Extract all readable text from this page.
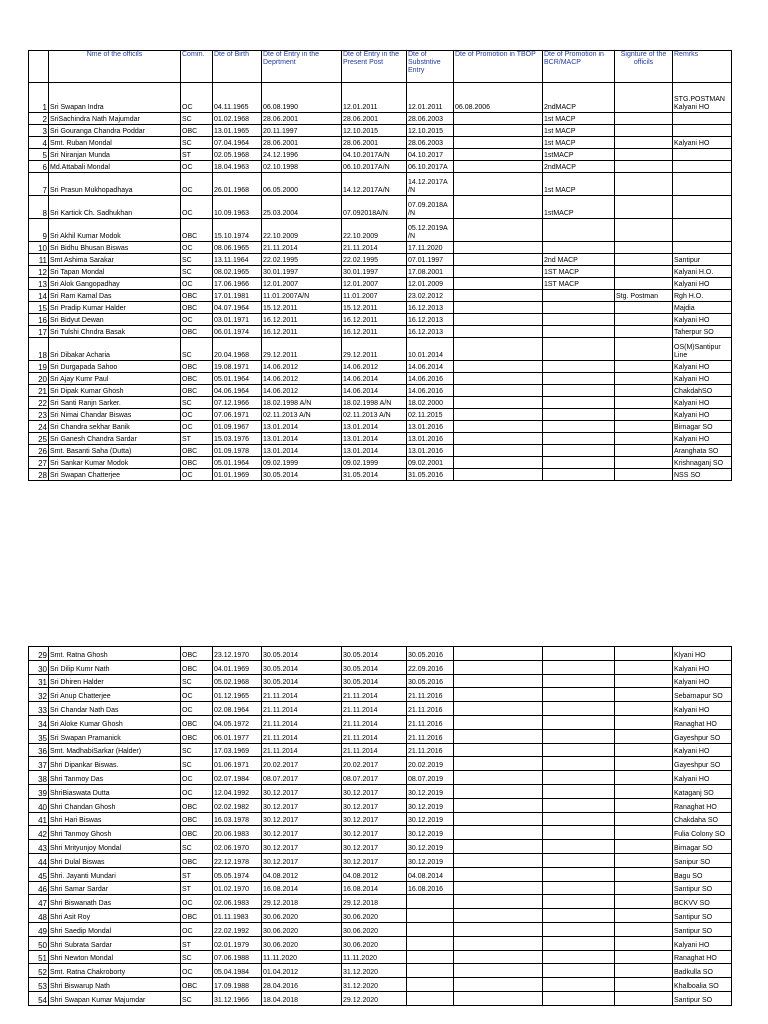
	Nme of the officils	Comm.	Dte of Birth	Dte of Entry in the Deprtment	Dte of Entry in the Present Post	Dte of Substntive Entry	Dte of Promotion in TBOP	Dte of Promotion in BCR/MACP	Signture of the officils	Remrks
1	Sri Swapan Indra	OC	04.11.1965	06.08.1990	12.01.2011	12.01.2011	06.08.2006	2ndMACP		STG.POSTMAN Kalyani HO
2	SriSachindra Nath Majumdar	SC	01.02.1968	28.06.2001	28.06.2001	28.06.2003		1st MACP		
3	Sri Gouranga Chandra Poddar	OBC	13.01.1965	20.11.1997	12.10.2015	12.10.2015		1st MACP		
4	Smt. Ruban Mondal	SC	07.04.1964	28.06.2001	28.06.2001	28.06.2003		1st MACP		Kalyani HO
5	Sri Niranjan Munda	ST	02.05.1968	24.12.1996	04.10.2017A/N	04.10.2017		1stMACP		
6	Md.Attabali Mondal	OC	18.04.1963	02.10.1998	06.10.2017A/N	06.10.2017A		2ndMACP		
7	Sri Prasun Mukhopadhaya	OC	26.01.1968	06.05.2000	14.12.2017A/N	14.12.2017A /N		1st MACP		
8	Sri Kartick Ch. Sadhukhan	OC	10.09.1963	25.03.2004	07.092018A/N	07.09.2018A /N		1stMACP		
9	Sri Akhil Kumar Modok	OBC	15.10.1974	22.10.2009	22.10.2009	05.12.2019A /N				
10	Sri Bidhu Bhusan Biswas	OC	08.06.1965	21.11.2014	21.11.2014	17.11.2020				
11	Smt Ashima Sarakar	SC	13.11.1964	22.02.1995	22.02.1995	07.01.1997		2nd MACP		Santipur
12	Sri Tapan Mondal	SC	08.02.1965	30.01.1997	30.01.1997	17.08.2001		1ST MACP		Kalyani H.O.
13	Sri Alok Gangopadhay	OC	17.06.1966	12.01.2007	12.01.2007	12.01.2009		1ST MACP		Kalyani HO
14	Sri Ram Kamal Das	OBC	17.01.1981	11.01.2007A/N	11.01.2007	23.02.2012			Stg. Postman	Rgh H.O.
15	Sri Pradip Kumar Halder	OBC	04.07.1964	15.12.2011	15.12.2011	16.12.2013				Majdia
16	Sri Bidyut Dewan	OC	03.01.1971	16.12.2011	16.12.2011	16.12.2013				Kalyani HO
17	Sri Tulshi Chndra Basak	OBC	06.01.1974	16.12.2011	16.12.2011	16.12.2013				Taherpur SO
18	Sri Dibakar Acharia	SC	20.04.1968	29.12.2011	29.12.2011	10.01.2014				OS(M)Santipur Line
19	Sri Durgapada Sahoo	OBC	19.08.1971	14.06.2012	14.06.2012	14.06.2014				Kalyani HO
20	Sri Ajay Kumr Paul	OBC	05.01.1964	14.06.2012	14.06.2014	14.06.2016				Kalyani HO
21	Sri Dipak Kumar Ghosh	OBC	04.06.1964	14.06.2012	14.06.2014	14.06.2016				ChakdahSO
22	Sri Santi Ranjn Sarker.	SC	07.12.1966	18.02.1998 A/N	18.02.1998 A/N	18.02.2000				Kalyani HO
23	Sri Nimai Chandar Biswas	OC	07.06.1971	02.11.2013 A/N	02.11.2013 A/N	02.11.2015				Kalyani HO
24	Sri Chandra sekhar Banik	OC	01.09.1967	13.01.2014	13.01.2014	13.01.2016				Birnagar SO
25	Sri Ganesh Chandra Sardar	ST	15.03.1976	13.01.2014	13.01.2014	13.01.2016				Kalyani HO
26	Smt. Basanti Saha (Dutta)	OBC	01.09.1978	13.01.2014	13.01.2014	13.01.2016				Aranghata SO
27	Sri Sankar Kumar Modok	OBC	05.01.1964	09.02.1999	09.02.1999	09.02.2001				Krishnaganj SO
28	Sri Swapan Chatterjee	OC	01.01.1969	30.05.2014	31.05.2014	31.05.2016				NSS SO
29	Smt. Ratna Ghosh	OBC	23.12.1970	30.05.2014	30.05.2014	30.05.2016				Klyani HO
30	Sri Dilip Kumr Nath	OBC	04.01.1969	30.05.2014	30.05.2014	22.09.2016				Kalyani HO
31	Sri Dhiren Halder	SC	05.02.1968	30.05.2014	30.05.2014	30.05.2016				Kalyani HO
32	Sri Anup Chatterjee	OC	01.12.1965	21.11.2014	21.11.2014	21.11.2016				Sebarnapur SO
33	Sri Chandar Nath Das	OC	02.08.1964	21.11.2014	21.11.2014	21.11.2016				Kalyani HO
34	Sri Aloke Kumar Ghosh	OBC	04.05.1972	21.11.2014	21.11.2014	21.11.2016				Ranaghat HO
35	Sri Swapan Pramanick	OBC	06.01.1977	21.11.2014	21.11.2014	21.11.2016				Gayeshpur SO
36	Smt. MadhabiSarkar (Halder)	SC	17.03.1969	21.11.2014	21.11.2014	21.11.2016				Kalyani HO
37	Shri Dipankar Biswas.	SC	01.06.1971	20.02.2017	20.02.2017	20.02.2019				Gayeshpur SO
38	Shri Tanmoy Das	OC	02.07.1984	08.07.2017	08.07.2017	08.07.2019				Kalyani HO
39	ShriBiaswata Dutta	OC	12.04.1992	30.12.2017	30.12.2017	30.12.2019				Kataganj SO
40	Shri Chandan Ghosh	OBC	02.02.1982	30.12.2017	30.12.2017	30.12.2019				Ranaghat HO
41	Shri Hari Biswas	OBC	16.03.1978	30.12.2017	30.12.2017	30.12.2019				Chakdaha SO
42	Shri Tanmoy Ghosh	OBC	20.06.1983	30.12.2017	30.12.2017	30.12.2019				Fulia Colony SO
43	Shri Mrityunjoy Mondal	SC	02.06.1970	30.12.2017	30.12.2017	30.12.2019				Birnagar SO
44	Shri Dulal Biswas	OBC	22.12.1978	30.12.2017	30.12.2017	30.12.2019				Sanipur SO
45	Shri. Jayanti Mundari	ST	05.05.1974	04.08.2012	04.08.2012	04.08.2014				Bagu SO
46	Shri Samar Sardar	ST	01.02.1970	16.08.2014	16.08.2014	16.08.2016				Santipur SO
47	Shri Biswanath Das	OC	02.06.1983	29.12.2018	29.12.2018					BCKVV SO
48	Shri Asit Roy	OBC	01.11.1983	30.06.2020	30.06.2020					Santipur SO
49	Shri Saedip Mondal	OC	22.02.1992	30.06.2020	30.06.2020					Santipur SO
50	Shri Subrata Sardar	ST	02.01.1979	30.06.2020	30.06.2020					Kalyani HO
51	Shri Newton Mondal	SC	07.06.1988	11.11.2020	11.11.2020					Ranaghat HO
52	Smt. Ratna Chakroborty	OC	05.04.1984	01.04.2012	31.12.2020					Badkulla SO
53	Shri Biswarup Nath	OBC	17.09.1988	28.04.2016	31.12.2020					Khalboalia SO
54	Shri Swapan Kumar Majumdar	SC	31.12.1966	18.04.2018	29.12.2020					Santipur SO
